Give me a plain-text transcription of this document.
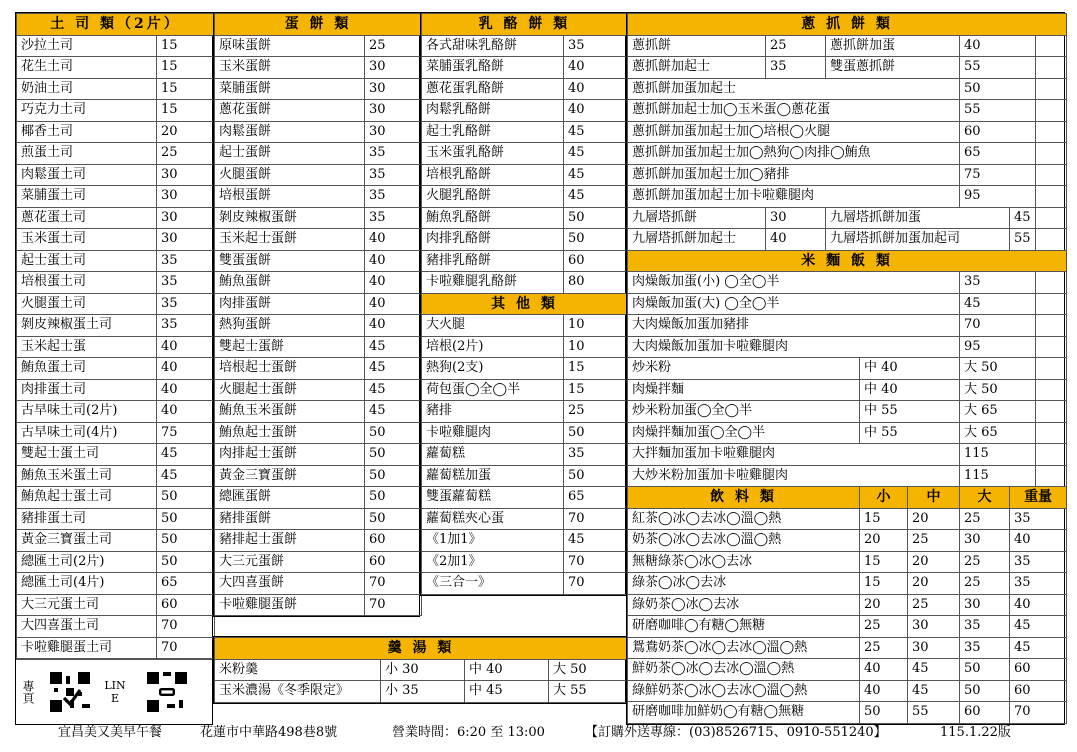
土 司 類（2片）	
沙拉土司	15
花生土司	15
奶油土司	15
巧克力土司	15
椰香土司	20
煎蛋土司	25
肉鬆蛋土司	30
菜脯蛋土司	30
蔥花蛋土司	30
玉米蛋土司	30
起士蛋土司	35
培根蛋土司	35
火腿蛋土司	35
剝皮辣椒蛋土司	35
玉米起士蛋	40
鮪魚蛋土司	40
肉排蛋土司	40
古早味土司(2片)	40
古早味土司(4片)	75
雙起士蛋土司	45
鮪魚玉米蛋土司	45
鮪魚起士蛋土司	50
豬排蛋土司	50
黃金三寶蛋土司	50
總匯土司(2片)	50
總匯土司(4片)	65
大三元蛋土司	60
大四喜蛋土司	70
卡啦雞腿蛋土司	70
專頁	LINE
蛋 餅 類	
原味蛋餅	25
玉米蛋餅	30
菜脯蛋餅	30
蔥花蛋餅	30
肉鬆蛋餅	30
起士蛋餅	35
火腿蛋餅	35
培根蛋餅	35
剝皮辣椒蛋餅	35
玉米起士蛋餅	40
雙蛋蛋餅	40
鮪魚蛋餅	40
肉排蛋餅	40
熱狗蛋餅	40
雙起士蛋餅	45
培根起士蛋餅	45
火腿起士蛋餅	45
鮪魚玉米蛋餅	45
鮪魚起士蛋餅	50
肉排起士蛋餅	50
黃金三寶蛋餅	50
總匯蛋餅	50
豬排蛋餅	50
豬排起士蛋餅	60
大三元蛋餅	60
大四喜蛋餅	70
卡啦雞腿蛋餅	70
乳 酪 餅 類	
各式甜味乳酪餅	35
菜脯蛋乳酪餅	40
蔥花蛋乳酪餅	40
肉鬆乳酪餅	40
起士乳酪餅	45
玉米蛋乳酪餅	45
培根乳酪餅	45
火腿乳酪餅	45
鮪魚乳酪餅	50
肉排乳酪餅	50
豬排乳酪餅	60
卡啦雞腿乳酪餅	80
其 他 類	
大火腿	10
培根(2片)	10
熱狗(2支)	15
荷包蛋◯全◯半	15
豬排	25
卡啦雞腿肉	50
蘿蔔糕	35
蘿蔔糕加蛋	50
雙蛋蘿蔔糕	65
蘿蔔糕夾心蛋	70
《1加1》	45
《2加1》	70
《三合一》	70
羹 湯 類			
米粉羹	小 30	中 40	大 50
玉米濃湯《冬季限定》	小 35	中 45	大 55
蔥 抓 餅 類							
蔥抓餅	25	蔥抓餅加蛋			40		
蔥抓餅加起士	35	雙蛋蔥抓餅			55		
蔥抓餅加蛋加起士					50		
蔥抓餅加起士加◯玉米蛋◯蔥花蛋					55		
蔥抓餅加蛋加起士加◯培根◯火腿					60		
蔥抓餅加蛋加起士加◯熱狗◯肉排◯鮪魚					65		
蔥抓餅加蛋加起士加◯豬排					75		
蔥抓餅加蛋加起士加卡啦雞腿肉					95		
九層塔抓餅	30	九層塔抓餅加蛋				45	
九層塔抓餅加起士	40	九層塔抓餅加蛋加起司				55	
米 麵 飯 類							
肉燥飯加蛋(小) ◯全◯半					35		
肉燥飯加蛋(大) ◯全◯半					45		
大肉燥飯加蛋加豬排					70		
大肉燥飯加蛋加卡啦雞腿肉					95		
炒米粉			中 40		大 50		
肉燥拌麵			中 40		大 50		
炒米粉加蛋◯全◯半			中 55		大 65		
肉燥拌麵加蛋◯全◯半			中 55		大 65		
大拌麵加蛋加卡啦雞腿肉					115		
大炒米粉加蛋加卡啦雞腿肉					115		
飲 料 類			小	中	大	重量	
紅茶◯冰◯去冰◯溫◯熱			15	20	25	35	
奶茶◯冰◯去冰◯溫◯熱			20	25	30	40	
無糖綠茶◯冰◯去冰			15	20	25	35	
綠茶◯冰◯去冰			15	20	25	35	
綠奶茶◯冰◯去冰			20	25	30	40	
研磨咖啡◯有糖◯無糖			25	30	35	45	
鴛鴦奶茶◯冰◯去冰◯溫◯熱			25	30	35	45	
鮮奶茶◯冰◯去冰◯溫◯熱			40	45	50	60	
綠鮮奶茶◯冰◯去冰◯溫◯熱			40	45	50	60	
研磨咖啡加鮮奶◯有糖◯無糖			50	55	60	70	
宜昌美又美早午餐	花蓮市中華路498巷8號	營業時間：6:20 至 13:00	【訂購外送專線：(03)8526715、0910-551240】	115.1.22版
